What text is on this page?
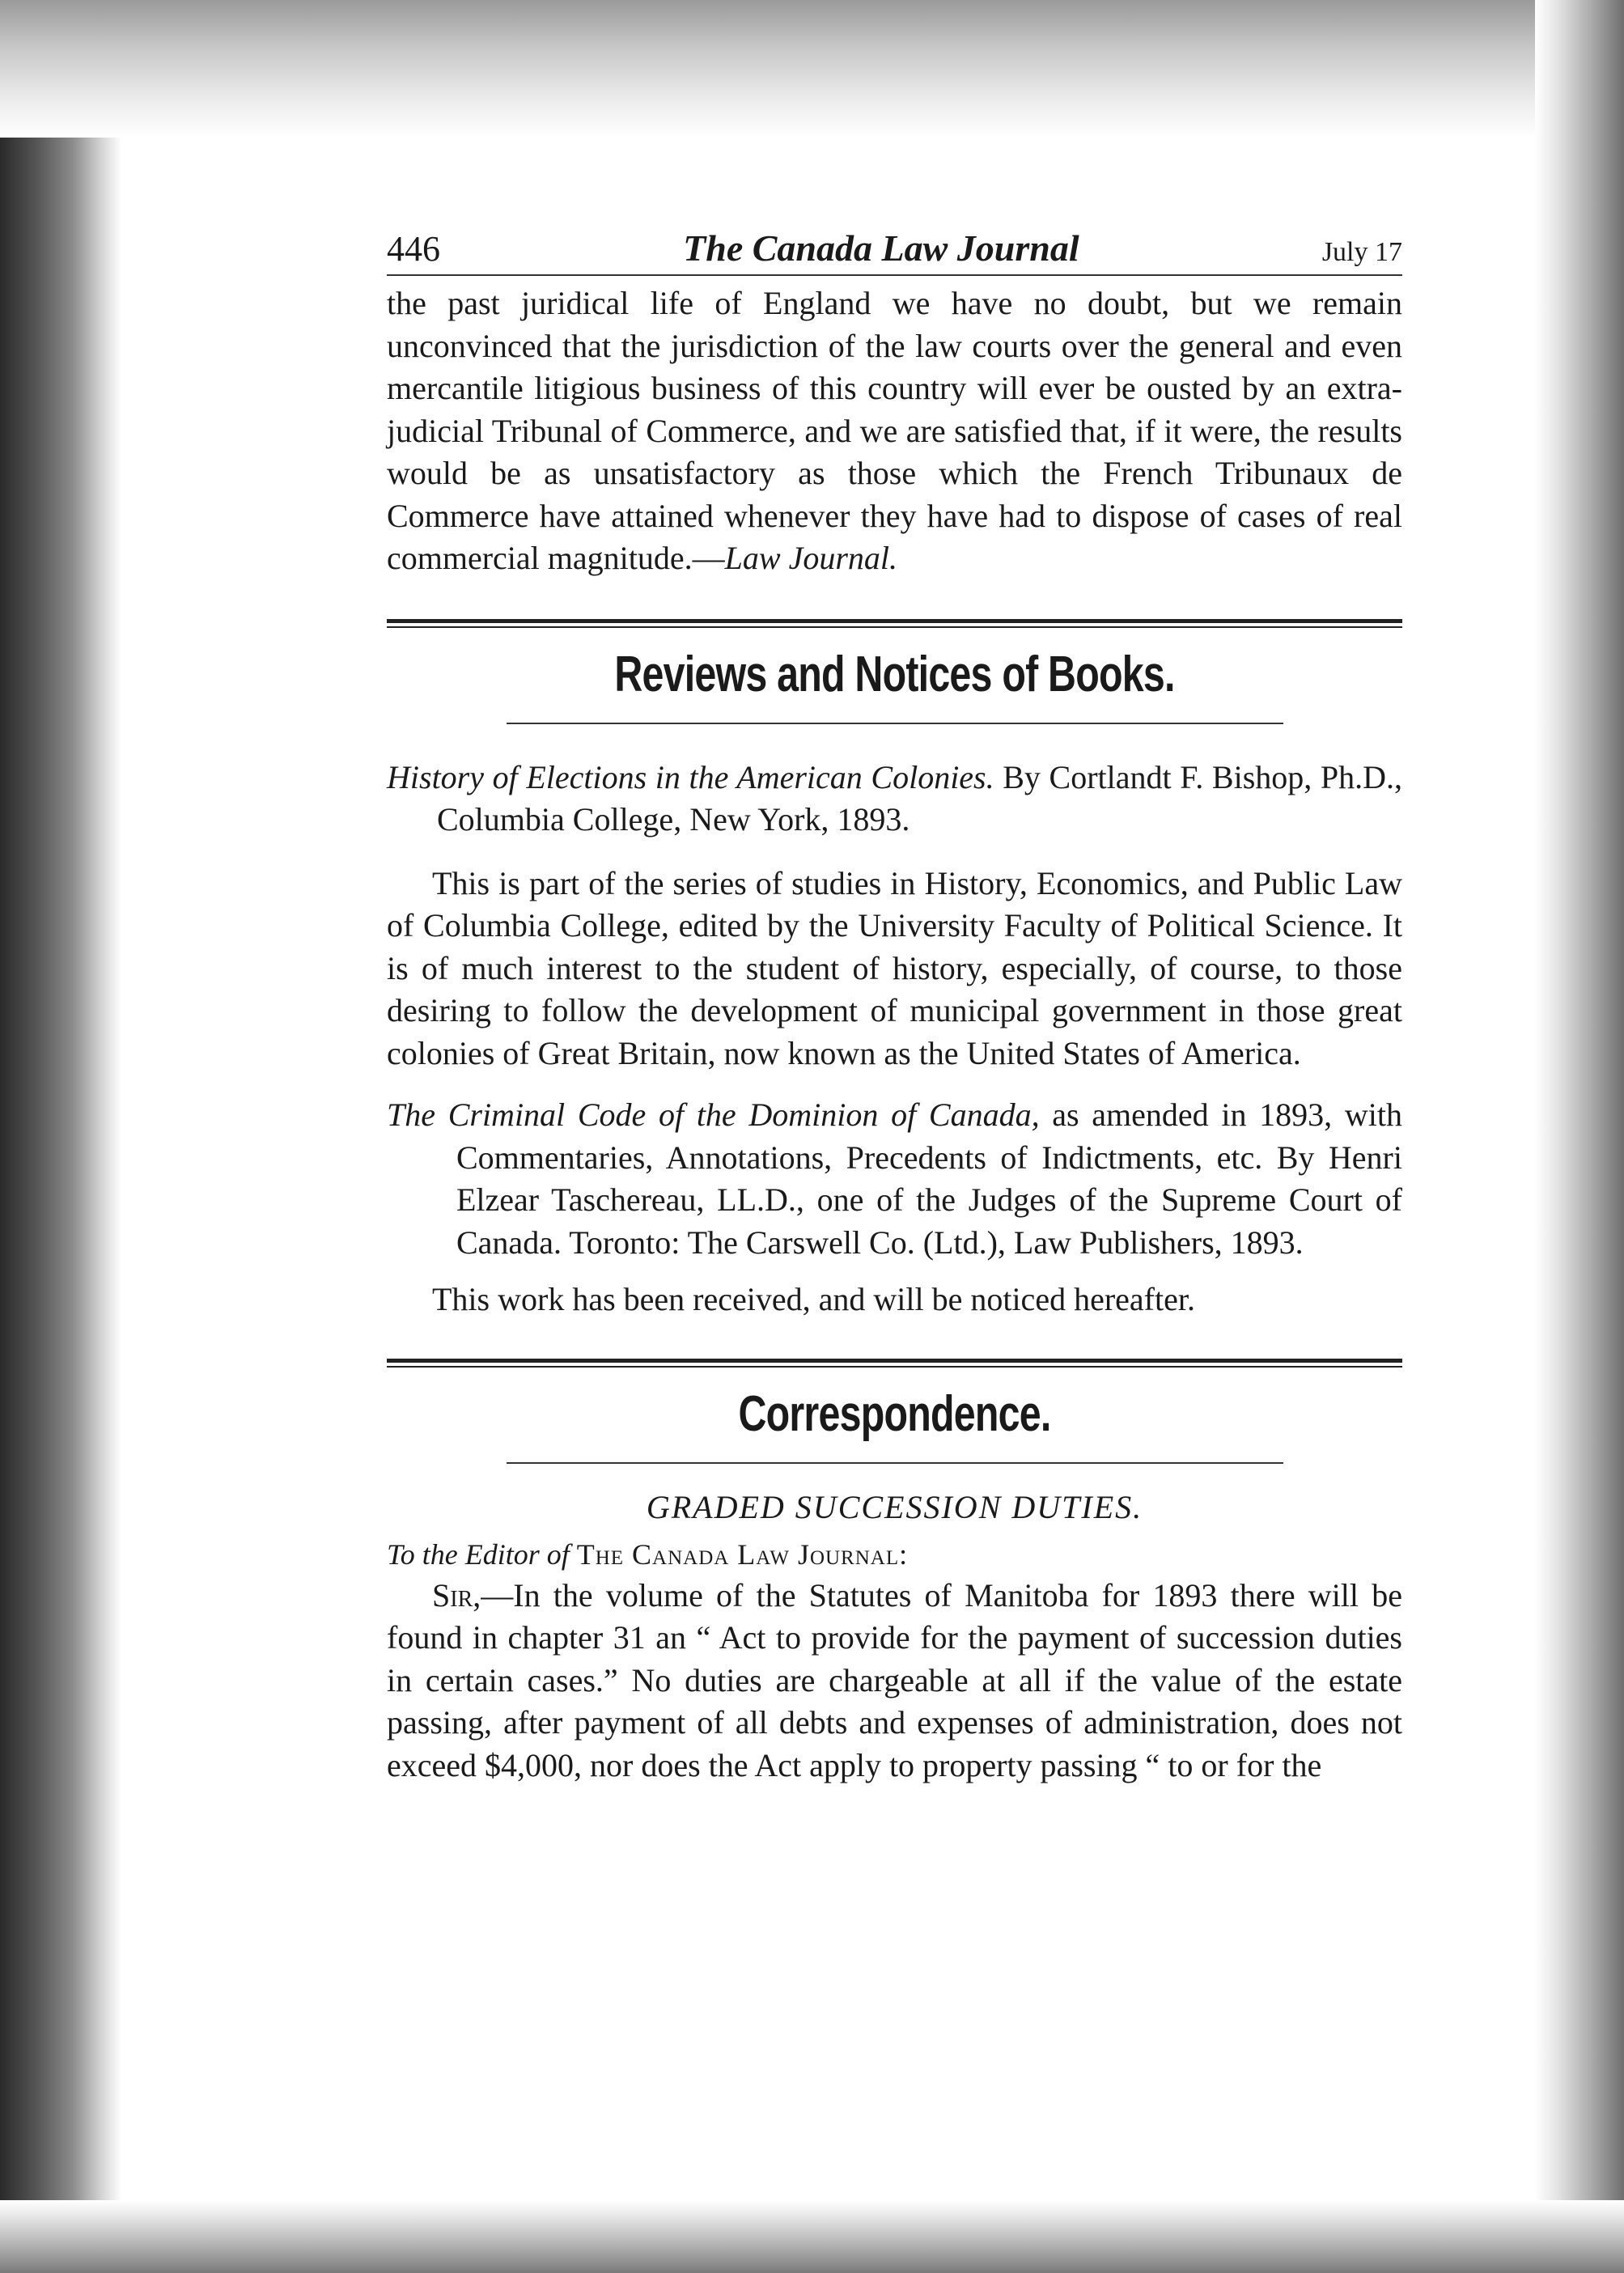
446	The Canada Law Journal	July 17

the past juridical life of England we have no doubt, but we remain unconvinced that the jurisdiction of the law courts over the general and even mercantile litigious business of this country will ever be ousted by an extra-judicial Tribunal of Commerce, and we are satisfied that, if it were, the results would be as unsatisfactory as those which the French Tribunaux de Commerce have attained whenever they have had to dispose of cases of real commercial magnitude.—Law Journal.

Reviews and Notices of Books.

History of Elections in the American Colonies. By Cortlandt F. Bishop, Ph.D., Columbia College, New York, 1893.

This is part of the series of studies in History, Economics, and Public Law of Columbia College, edited by the University Faculty of Political Science. It is of much interest to the student of history, especially, of course, to those desiring to follow the development of municipal government in those great colonies of Great Britain, now known as the United States of America.

The Criminal Code of the Dominion of Canada, as amended in 1893, with Commentaries, Annotations, Precedents of Indictments, etc. By Henri Elzear Taschereau, LL.D., one of the Judges of the Supreme Court of Canada. Toronto: The Carswell Co. (Ltd.), Law Publishers, 1893.

This work has been received, and will be noticed hereafter.

Correspondence.
GRADED SUCCESSION DUTIES.

To the Editor of The Canada Law Journal:

Sir,—In the volume of the Statutes of Manitoba for 1893 there will be found in chapter 31 an “ Act to provide for the payment of succession duties in certain cases.” No duties are chargeable at all if the value of the estate passing, after payment of all debts and expenses of administration, does not exceed $4,000, nor does the Act apply to property passing “ to or for the
